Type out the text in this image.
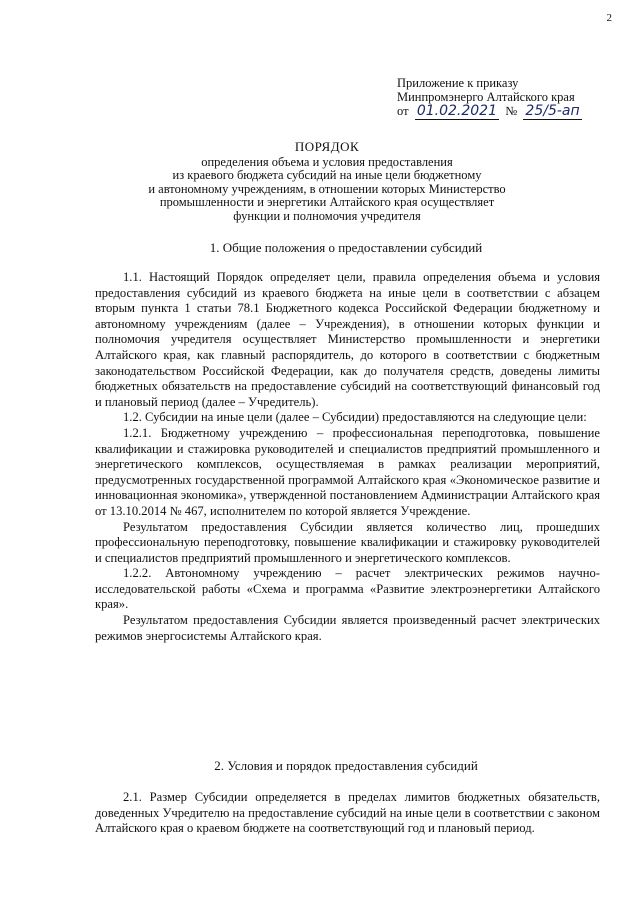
2
Приложение к приказу
Минпромэнерго Алтайского края
от 01.02.2021 № 25/5-ап
ПОРЯДОК
определения объема и условия предоставления
из краевого бюджета субсидий на иные цели бюджетному
и автономному учреждениям, в отношении которых Министерство
промышленности и энергетики Алтайского края осуществляет
функции и полномочия учредителя
1. Общие положения о предоставлении субсидий

1.1. Настоящий Порядок определяет цели, правила определения объема и условия предоставления субсидий из краевого бюджета на иные цели в соответствии с абзацем вторым пункта 1 статьи 78.1 Бюджетного кодекса Российской Федерации бюджетному и автономному учреждениям (далее – Учреждения), в отношении которых функции и полномочия учредителя осуществляет Министерство промышленности и энергетики Алтайского края, как главный распорядитель, до которого в соответствии с бюджетным законодательством Российской Федерации, как до получателя средств, доведены лимиты бюджетных обязательств на предоставление субсидий на соответствующий финансовый год и плановый период (далее – Учредитель).

1.2. Субсидии на иные цели (далее – Субсидии) предоставляются на следующие цели:

1.2.1. Бюджетному учреждению – профессиональная переподготовка, повышение квалификации и стажировка руководителей и специалистов предприятий промышленного и энергетического комплексов, осуществляемая в рамках реализации мероприятий, предусмотренных государственной программой Алтайского края «Экономическое развитие и инновационная экономика», утвержденной постановлением Администрации Алтайского края от 13.10.2014 № 467, исполнителем по которой является Учреждение.

Результатом предоставления Субсидии является количество лиц, прошедших профессиональную переподготовку, повышение квалификации и стажировку руководителей и специалистов предприятий промышленного и энергетического комплексов.

1.2.2. Автономному учреждению – расчет электрических режимов научно-исследовательской работы «Схема и программа «Развитие электроэнергетики Алтайского края».

Результатом предоставления Субсидии является произведенный расчет электрических режимов энергосистемы Алтайского края.

2. Условия и порядок предоставления субсидий

2.1. Размер Субсидии определяется в пределах лимитов бюджетных обязательств, доведенных Учредителю на предоставление субсидий на иные цели в соответствии с законом Алтайского края о краевом бюджете на соответствующий год и плановый период.
